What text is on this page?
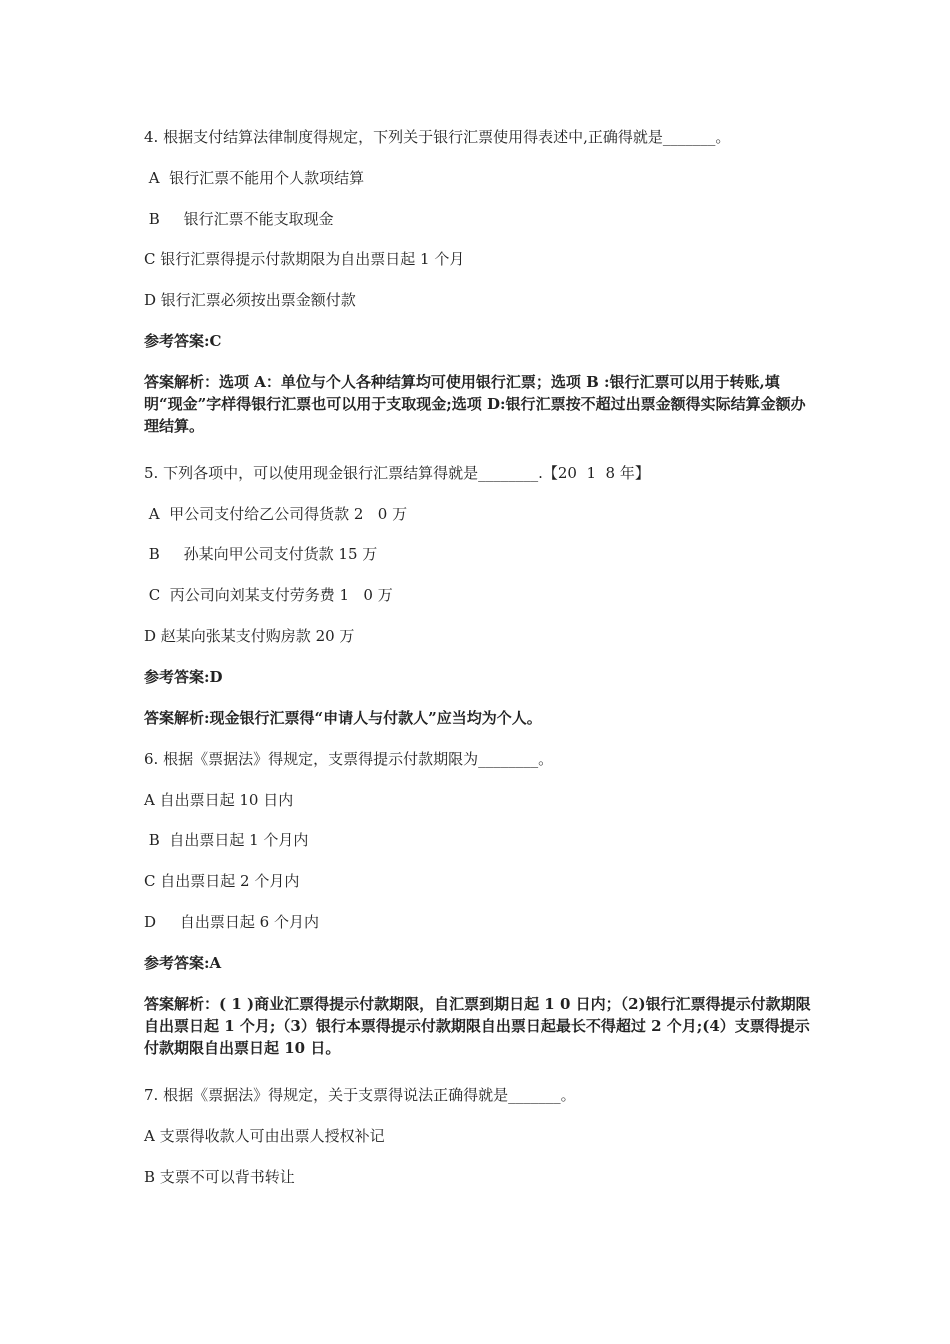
4. 根据支付结算法律制度得规定，下列关于银行汇票使用得表述中,正确得就是_______。
A  银行汇票不能用个人款项结算
B     银行汇票不能支取现金
C 银行汇票得提示付款期限为自出票日起 1 个月
D 银行汇票必须按出票金额付款
参考答案:C
答案解析：选项 A：单位与个人各种结算均可使用银行汇票；选项 B :银行汇票可以用于转账,填明“现金”字样得银行汇票也可以用于支取现金;选项 D:银行汇票按不超过出票金额得实际结算金额办理结算。
5. 下列各项中，可以使用现金银行汇票结算得就是________.【20  1  8 年】
A  甲公司支付给乙公司得货款 2   0 万
B     孙某向甲公司支付货款 15 万
C  丙公司向刘某支付劳务费 1   0 万
D 赵某向张某支付购房款 20 万
参考答案:D
答案解析:现金银行汇票得“申请人与付款人”应当均为个人。
6. 根据《票据法》得规定，支票得提示付款期限为________。
A 自出票日起 10 日内
B  自出票日起 1 个月内
C 自出票日起 2 个月内
D     自出票日起 6 个月内
参考答案:A
答案解析：( 1 )商业汇票得提示付款期限，自汇票到期日起 1 0 日内；（2)银行汇票得提示付款期限自出票日起 1 个月;（3）银行本票得提示付款期限自出票日起最长不得超过 2 个月;(4）支票得提示付款期限自出票日起 10 日。
7. 根据《票据法》得规定，关于支票得说法正确得就是_______。
A 支票得收款人可由出票人授权补记
B 支票不可以背书转让
